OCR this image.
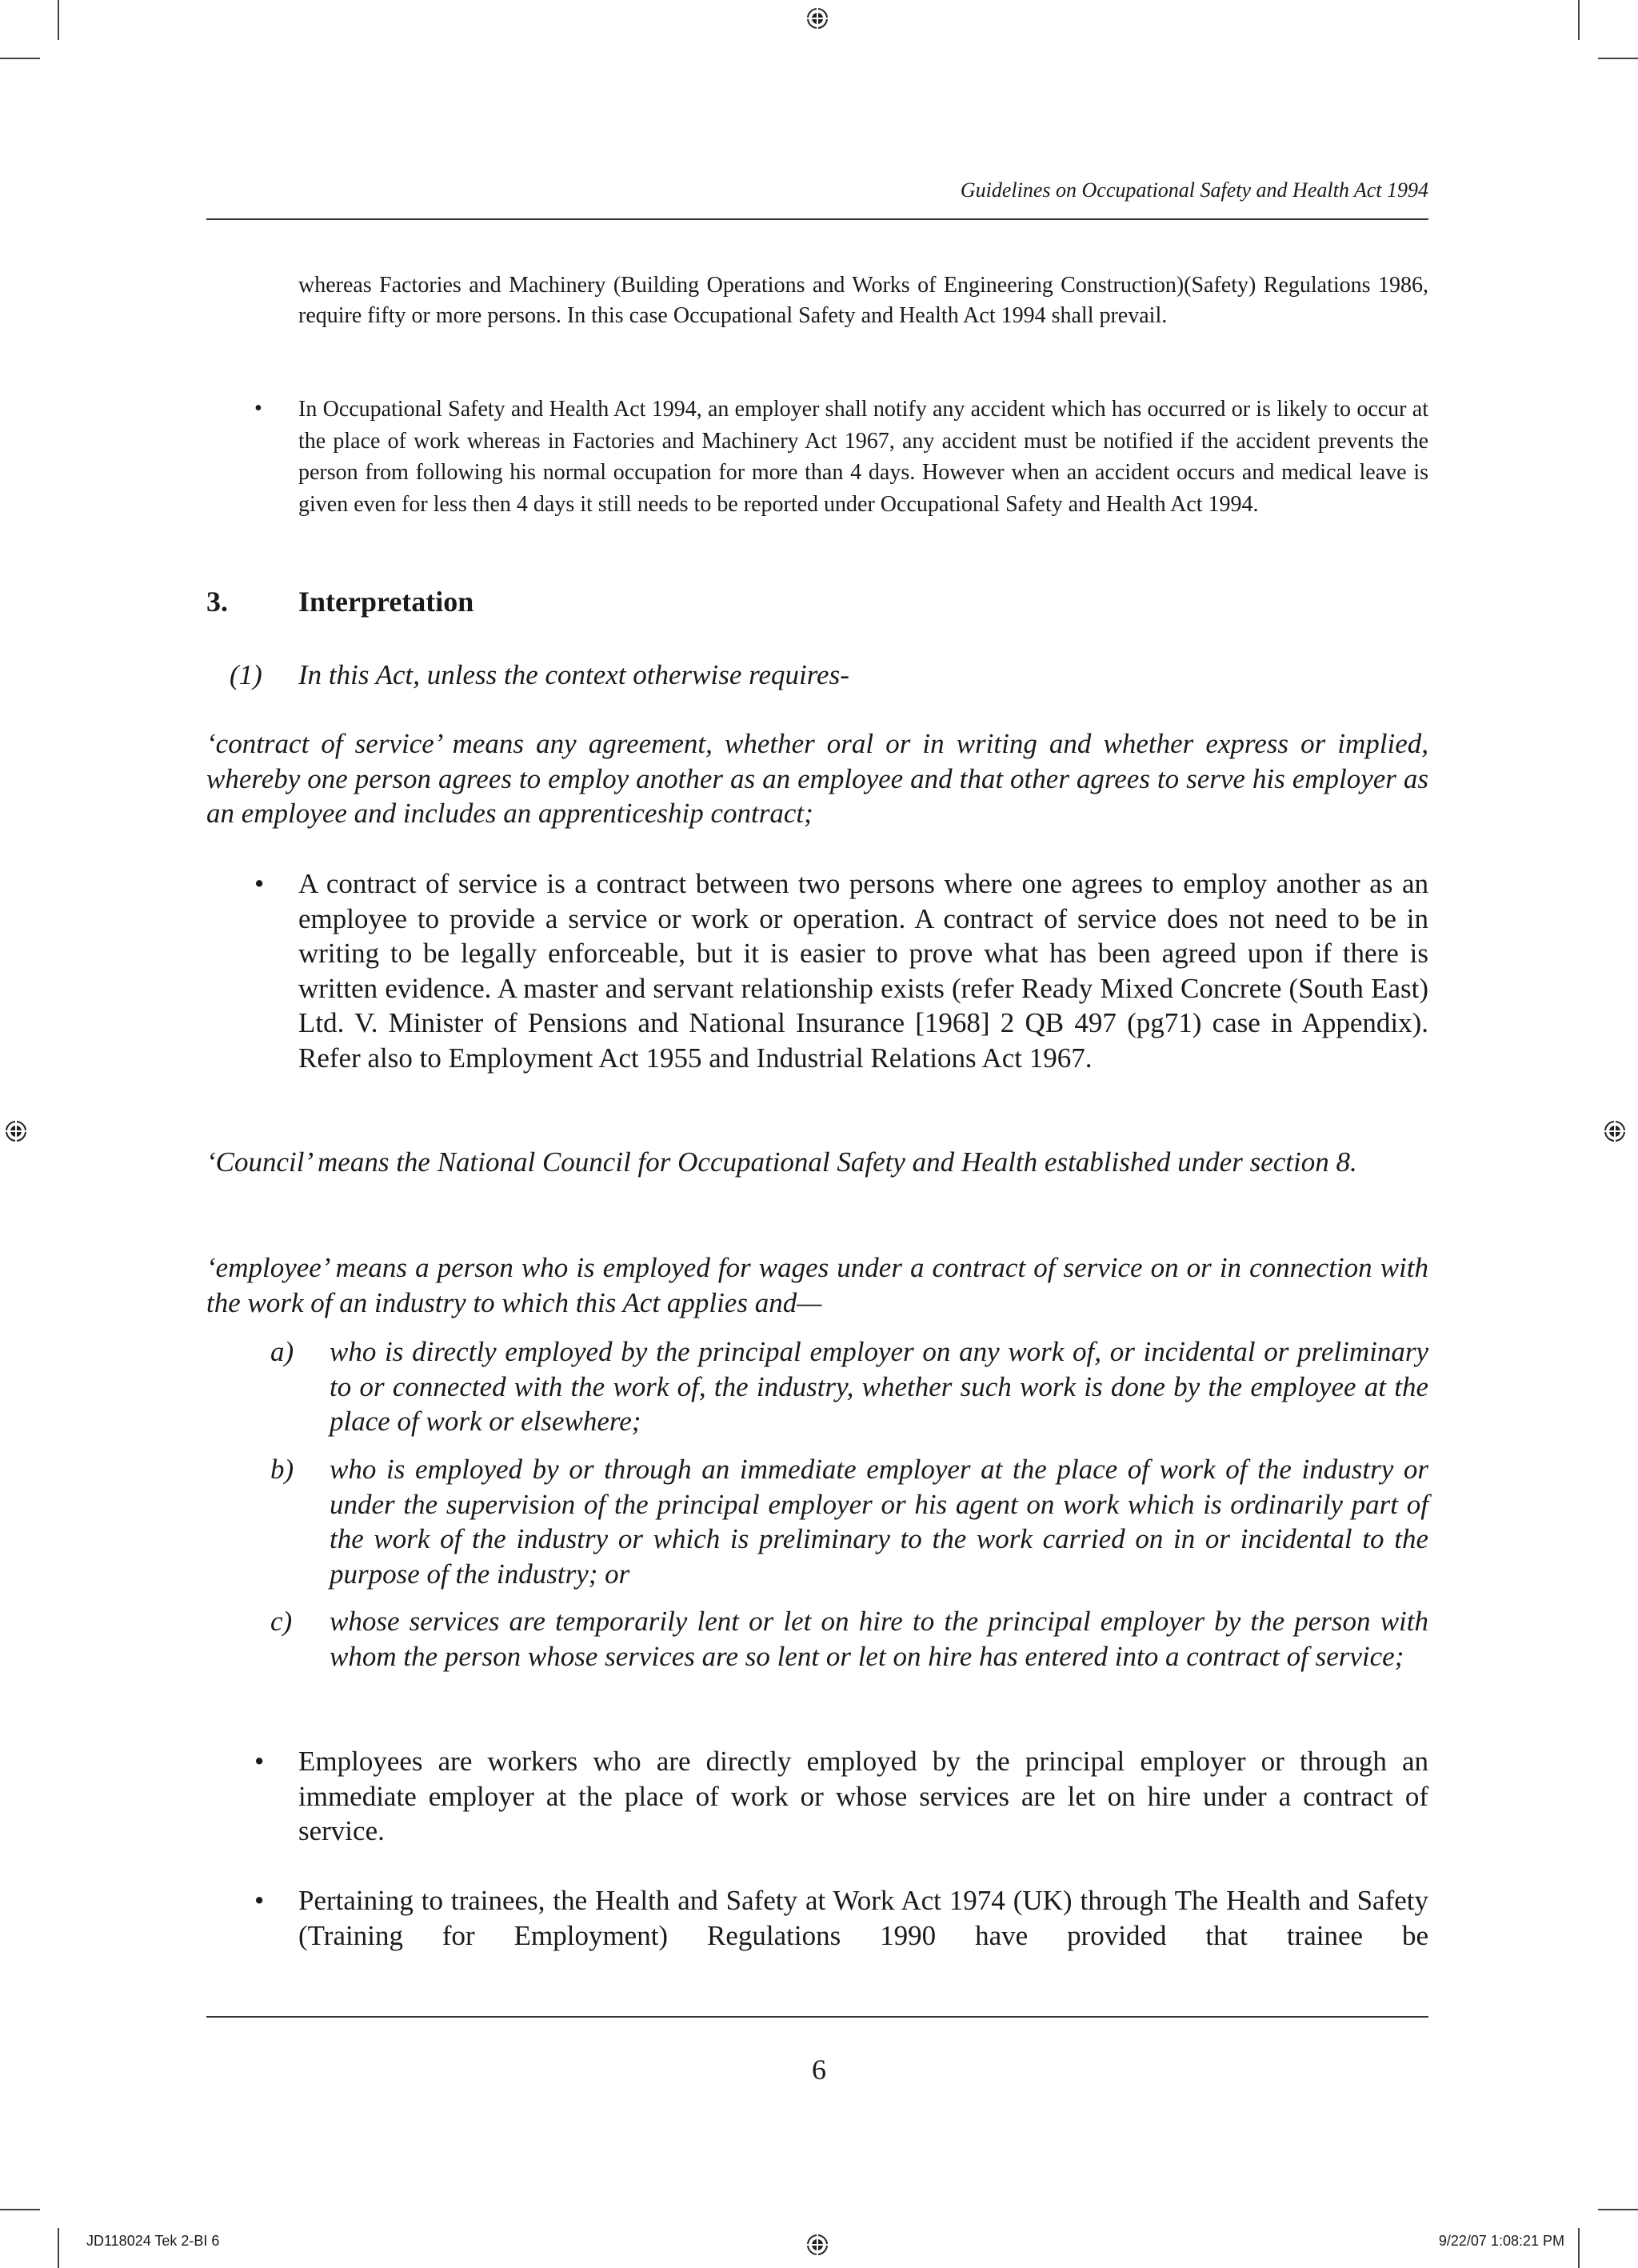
Guidelines on Occupational Safety and Health Act 1994

whereas Factories and Machinery (Building Operations and Works of Engineering Construction)(Safety) Regulations 1986, require fifty or more persons. In this case Occupational Safety and Health Act 1994 shall prevail.

• In Occupational Safety and Health Act 1994, an employer shall notify any accident which has occurred or is likely to occur at the place of work whereas in Factories and Machinery Act 1967, any accident must be notified if the accident prevents the person from following his normal occupation for more than 4 days. However when an accident occurs and medical leave is given even for less then 4 days it still needs to be reported under Occupational Safety and Health Act 1994.

3. Interpretation
(1) In this Act, unless the context otherwise requires-

‘contract of service’ means any agreement, whether oral or in writing and whether express or implied, whereby one person agrees to employ another as an employee and that other agrees to serve his employer as an employee and includes an apprenticeship contract;

• A contract of service is a contract between two persons where one agrees to employ another as an employee to provide a service or work or operation. A contract of service does not need to be in writing to be legally enforceable, but it is easier to prove what has been agreed upon if there is written evidence. A master and servant relationship exists (refer Ready Mixed Concrete (South East) Ltd. V. Minister of Pensions and National Insurance [1968] 2 QB 497 (pg71) case in Appendix). Refer also to Employment Act 1955 and Industrial Relations Act 1967.

‘Council’ means the National Council for Occupational Safety and Health established under section 8.

‘employee’ means a person who is employed for wages under a contract of service on or in connection with the work of an industry to which this Act applies and—

a) who is directly employed by the principal employer on any work of, or incidental or preliminary to or connected with the work of, the industry, whether such work is done by the employee at the place of work or elsewhere;

b) who is employed by or through an immediate employer at the place of work of the industry or under the supervision of the principal employer or his agent on work which is ordinarily part of the work of the industry or which is preliminary to the work carried on in or incidental to the purpose of the industry; or

c) whose services are temporarily lent or let on hire to the principal employer by the person with whom the person whose services are so lent or let on hire has entered into a contract of service;

• Employees are workers who are directly employed by the principal employer or through an immediate employer at the place of work or whose services are let on hire under a contract of service.

• Pertaining to trainees, the Health and Safety at Work Act 1974 (UK) through The Health and Safety (Training for Employment) Regulations 1990 have provided that trainee be

6
JD118024 Tek 2-BI 6	9/22/07 1:08:21 PM
